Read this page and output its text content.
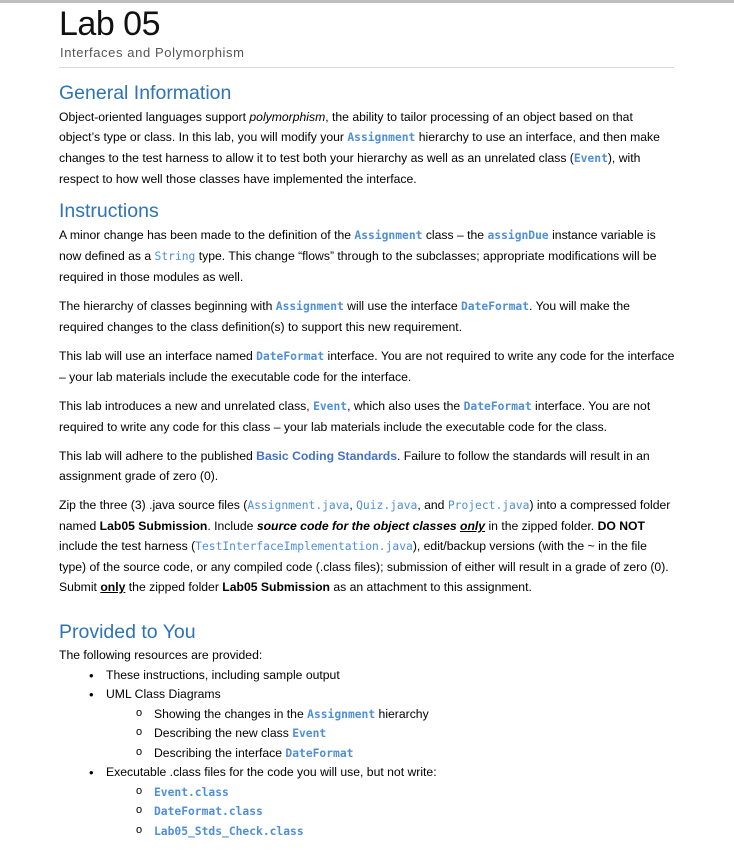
Lab 05
Interfaces and Polymorphism
General Information

Object-oriented languages support polymorphism, the ability to tailor processing of an object based on that object’s type or class. In this lab, you will modify your Assignment hierarchy to use an interface, and then make changes to the test harness to allow it to test both your hierarchy as well as an unrelated class (Event), with respect to how well those classes have implemented the interface.

Instructions

A minor change has been made to the definition of the Assignment class – the assignDue instance variable is now defined as a String type. This change “flows” through to the subclasses; appropriate modifications will be required in those modules as well.

The hierarchy of classes beginning with Assignment will use the interface DateFormat. You will make the required changes to the class definition(s) to support this new requirement.

This lab will use an interface named DateFormat interface. You are not required to write any code for the interface – your lab materials include the executable code for the interface.

This lab introduces a new and unrelated class, Event, which also uses the DateFormat interface. You are not required to write any code for this class – your lab materials include the executable code for the class.

This lab will adhere to the published Basic Coding Standards. Failure to follow the standards will result in an assignment grade of zero (0).

Zip the three (3) .java source files (Assignment.java, Quiz.java, and Project.java) into a compressed folder named Lab05 Submission. Include source code for the object classes only in the zipped folder. DO NOT include the test harness (TestInterfaceImplementation.java), edit/backup versions (with the ~ in the file type) of the source code, or any compiled code (.class files); submission of either will result in a grade of zero (0). Submit only the zipped folder Lab05 Submission as an attachment to this assignment.

Provided to You
The following resources are provided:
• These instructions, including sample output
• UML Class Diagrams
o Showing the changes in the Assignment hierarchy
o Describing the new class Event
o Describing the interface DateFormat
• Executable .class files for the code you will use, but not write:
o Event.class
o DateFormat.class
o Lab05_Stds_Check.class
